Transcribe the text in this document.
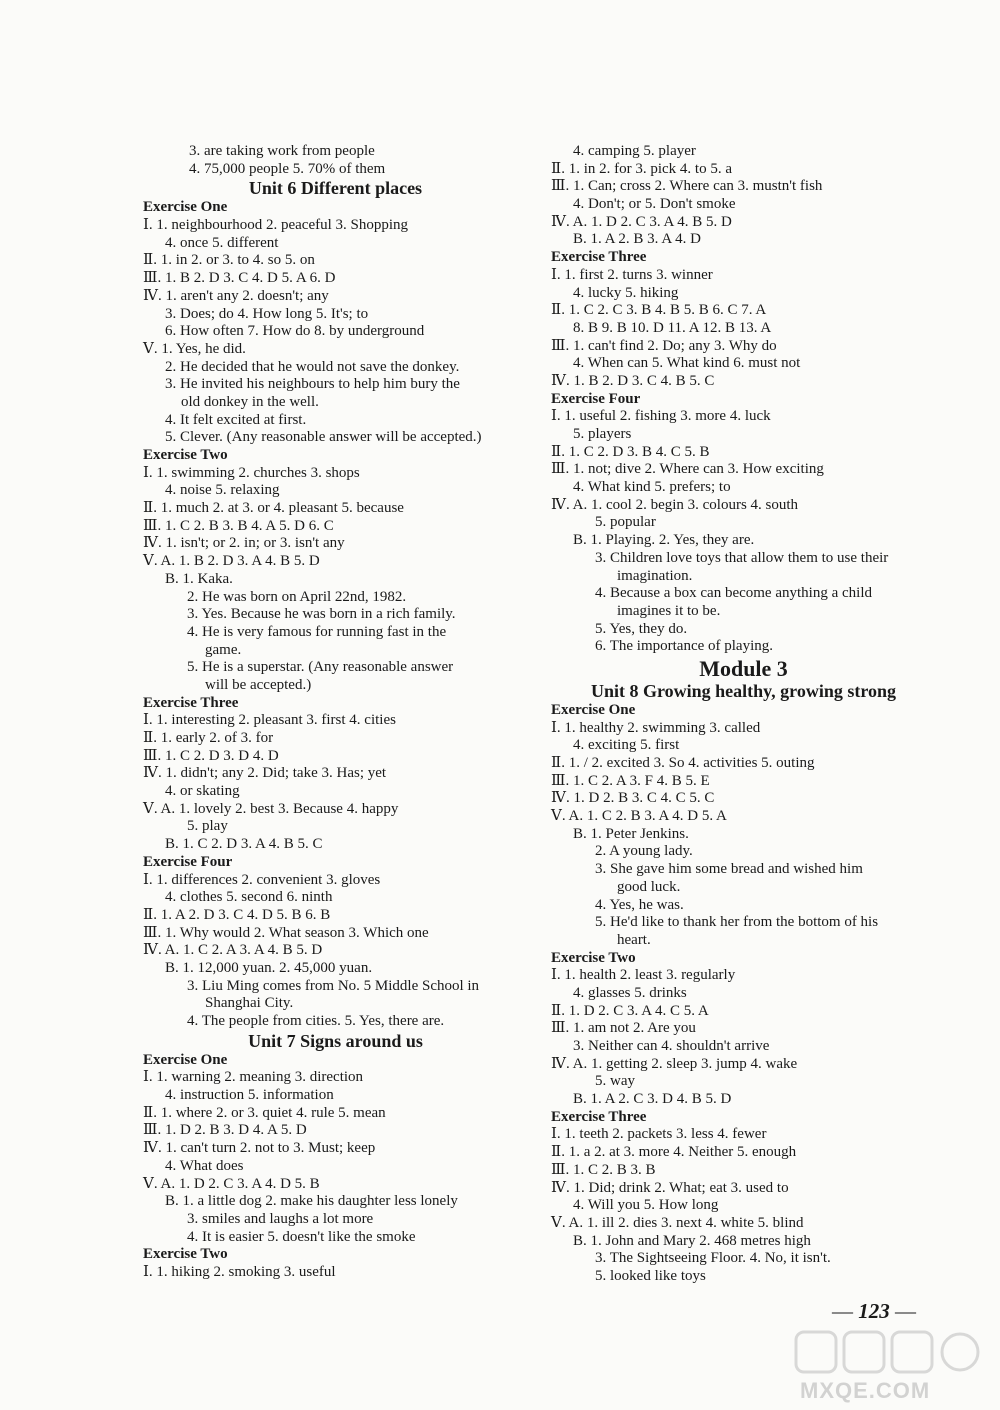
3. are taking work from people
4. 75,000 people 5. 70% of them
Unit 6 Different places
Exercise One
Ⅰ. 1. neighbourhood 2. peaceful 3. Shopping
4. once 5. different
Ⅱ. 1. in 2. or 3. to 4. so 5. on
Ⅲ. 1. B 2. D 3. C 4. D 5. A 6. D
Ⅳ. 1. aren't any 2. doesn't; any
3. Does; do 4. How long 5. It's; to
6. How often 7. How do 8. by underground
Ⅴ. 1. Yes, he did.
2. He decided that he would not save the donkey.
3. He invited his neighbours to help him bury the
old donkey in the well.
4. It felt excited at first.
5. Clever. (Any reasonable answer will be accepted.)
Exercise Two
Ⅰ. 1. swimming 2. churches 3. shops
4. noise 5. relaxing
Ⅱ. 1. much 2. at 3. or 4. pleasant 5. because
Ⅲ. 1. C 2. B 3. B 4. A 5. D 6. C
Ⅳ. 1. isn't; or 2. in; or 3. isn't any
Ⅴ. A. 1. B 2. D 3. A 4. B 5. D
B. 1. Kaka.
2. He was born on April 22nd, 1982.
3. Yes. Because he was born in a rich family.
4. He is very famous for running fast in the
game.
5. He is a superstar. (Any reasonable answer
will be accepted.)
Exercise Three
Ⅰ. 1. interesting 2. pleasant 3. first 4. cities
Ⅱ. 1. early 2. of 3. for
Ⅲ. 1. C 2. D 3. D 4. D
Ⅳ. 1. didn't; any 2. Did; take 3. Has; yet
4. or skating
Ⅴ. A. 1. lovely 2. best 3. Because 4. happy
5. play
B. 1. C 2. D 3. A 4. B 5. C
Exercise Four
Ⅰ. 1. differences 2. convenient 3. gloves
4. clothes 5. second 6. ninth
Ⅱ. 1. A 2. D 3. C 4. D 5. B 6. B
Ⅲ. 1. Why would 2. What season 3. Which one
Ⅳ. A. 1. C 2. A 3. A 4. B 5. D
B. 1. 12,000 yuan. 2. 45,000 yuan.
3. Liu Ming comes from No. 5 Middle School in
Shanghai City.
4. The people from cities. 5. Yes, there are.
Unit 7 Signs around us
Exercise One
Ⅰ. 1. warning 2. meaning 3. direction
4. instruction 5. information
Ⅱ. 1. where 2. or 3. quiet 4. rule 5. mean
Ⅲ. 1. D 2. B 3. D 4. A 5. D
Ⅳ. 1. can't turn 2. not to 3. Must; keep
4. What does
Ⅴ. A. 1. D 2. C 3. A 4. D 5. B
B. 1. a little dog 2. make his daughter less lonely
3. smiles and laughs a lot more
4. It is easier 5. doesn't like the smoke
Exercise Two
Ⅰ. 1. hiking 2. smoking 3. useful
4. camping 5. player
Ⅱ. 1. in 2. for 3. pick 4. to 5. a
Ⅲ. 1. Can; cross 2. Where can 3. mustn't fish
4. Don't; or 5. Don't smoke
Ⅳ. A. 1. D 2. C 3. A 4. B 5. D
B. 1. A 2. B 3. A 4. D
Exercise Three
Ⅰ. 1. first 2. turns 3. winner
4. lucky 5. hiking
Ⅱ. 1. C 2. C 3. B 4. B 5. B 6. C 7. A
8. B 9. B 10. D 11. A 12. B 13. A
Ⅲ. 1. can't find 2. Do; any 3. Why do
4. When can 5. What kind 6. must not
Ⅳ. 1. B 2. D 3. C 4. B 5. C
Exercise Four
Ⅰ. 1. useful 2. fishing 3. more 4. luck
5. players
Ⅱ. 1. C 2. D 3. B 4. C 5. B
Ⅲ. 1. not; dive 2. Where can 3. How exciting
4. What kind 5. prefers; to
Ⅳ. A. 1. cool 2. begin 3. colours 4. south
5. popular
B. 1. Playing. 2. Yes, they are.
3. Children love toys that allow them to use their
imagination.
4. Because a box can become anything a child
imagines it to be.
5. Yes, they do.
6. The importance of playing.
Module 3
Unit 8 Growing healthy, growing strong
Exercise One
Ⅰ. 1. healthy 2. swimming 3. called
4. exciting 5. first
Ⅱ. 1. / 2. excited 3. So 4. activities 5. outing
Ⅲ. 1. C 2. A 3. F 4. B 5. E
Ⅳ. 1. D 2. B 3. C 4. C 5. C
Ⅴ. A. 1. C 2. B 3. A 4. D 5. A
B. 1. Peter Jenkins.
2. A young lady.
3. She gave him some bread and wished him
good luck.
4. Yes, he was.
5. He'd like to thank her from the bottom of his
heart.
Exercise Two
Ⅰ. 1. health 2. least 3. regularly
4. glasses 5. drinks
Ⅱ. 1. D 2. C 3. A 4. C 5. A
Ⅲ. 1. am not 2. Are you
3. Neither can 4. shouldn't arrive
Ⅳ. A. 1. getting 2. sleep 3. jump 4. wake
5. way
B. 1. A 2. C 3. D 4. B 5. D
Exercise Three
Ⅰ. 1. teeth 2. packets 3. less 4. fewer
Ⅱ. 1. a 2. at 3. more 4. Neither 5. enough
Ⅲ. 1. C 2. B 3. B
Ⅳ. 1. Did; drink 2. What; eat 3. used to
4. Will you 5. How long
Ⅴ. A. 1. ill 2. dies 3. next 4. white 5. blind
B. 1. John and Mary 2. 468 metres high
3. The Sightseeing Floor. 4. No, it isn't.
5. looked like toys
— 123 —
MXQE.COM
